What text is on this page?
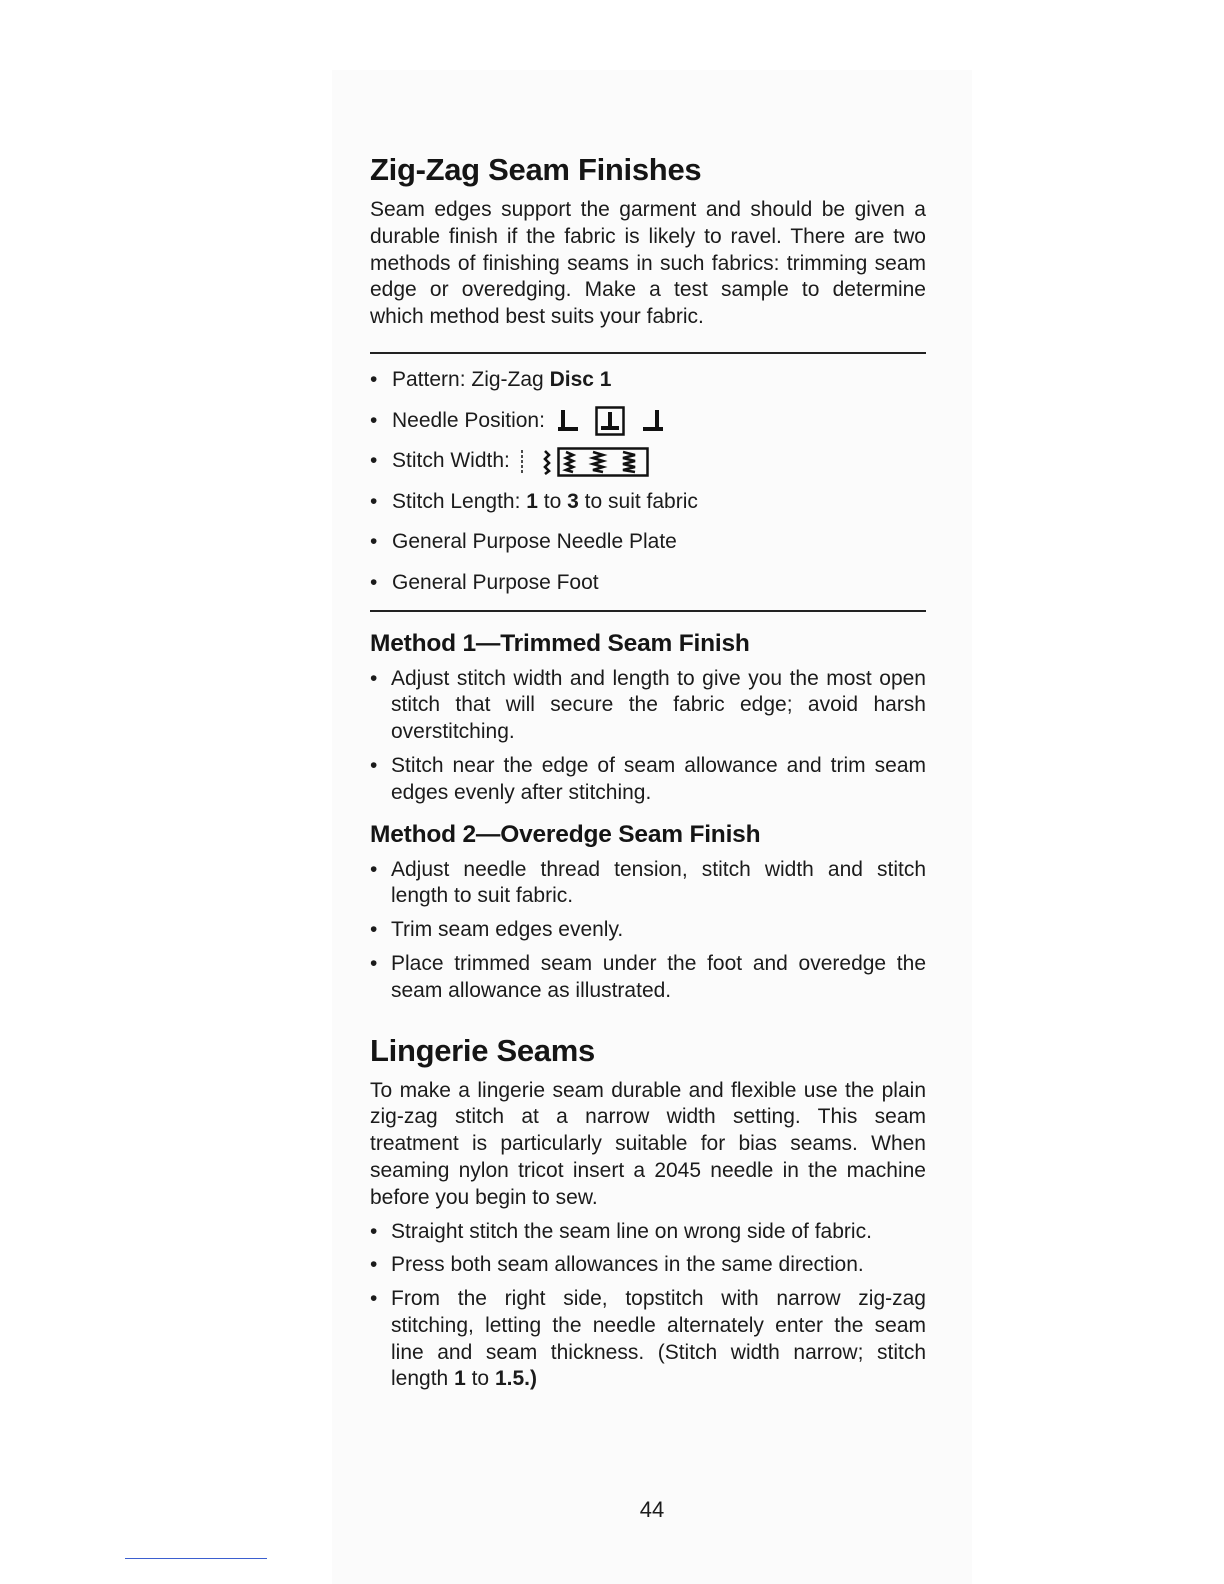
Zig-Zag Seam Finishes

Seam edges support the garment and should be given a durable finish if the fabric is likely to ravel. There are two methods of finishing seams in such fabrics: trimming seam edge or overedging. Make a test sample to determine which method best suits your fabric.

• Pattern: Zig-Zag Disc 1
• Needle Position:
• Stitch Width:
• Stitch Length: 1 to 3 to suit fabric
• General Purpose Needle Plate
• General Purpose Foot
Method 1—Trimmed Seam Finish
• Adjust stitch width and length to give you the most open stitch that will secure the fabric edge; avoid harsh overstitching.
• Stitch near the edge of seam allowance and trim seam edges evenly after stitching.
Method 2—Overedge Seam Finish
• Adjust needle thread tension, stitch width and stitch length to suit fabric.
• Trim seam edges evenly.
• Place trimmed seam under the foot and overedge the seam allowance as illustrated.
Lingerie Seams

To make a lingerie seam durable and flexible use the plain zig-zag stitch at a narrow width setting. This seam treatment is particularly suitable for bias seams. When seaming nylon tricot insert a 2045 needle in the machine before you begin to sew.

• Straight stitch the seam line on wrong side of fabric.
• Press both seam allowances in the same direction.
• From the right side, topstitch with narrow zig-zag stitching, letting the needle alternately enter the seam line and seam thickness. (Stitch width narrow; stitch length 1 to 1.5.)
44
